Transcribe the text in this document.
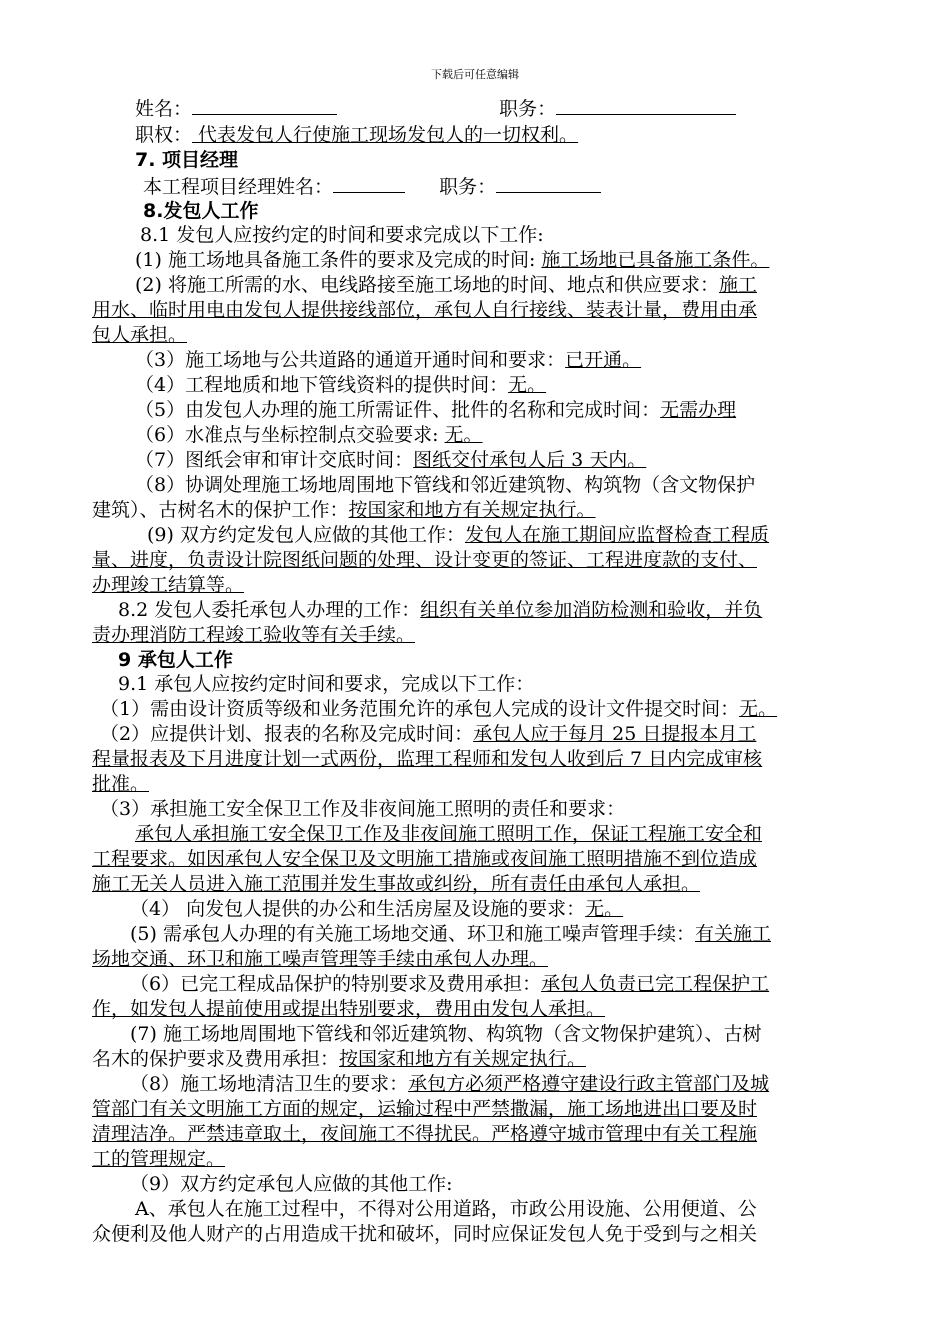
下载后可任意编辑
姓名：	职务：
职权： 代表发包人行使施工现场发包人的一切权利。
7. 项目经理
本工程项目经理姓名：	职务：
8.发包人工作
8.1 发包人应按约定的时间和要求完成以下工作:
(1) 施工场地具备施工条件的要求及完成的时间: 施工场地已具备施工条件。
(2) 将施工所需的水、电线路接至施工场地的时间、地点和供应要求：施工
用水、临时用电由发包人提供接线部位，承包人自行接线、装表计量，费用由承
包人承担。
（3）施工场地与公共道路的通道开通时间和要求：已开通。
（4）工程地质和地下管线资料的提供时间：无。
（5）由发包人办理的施工所需证件、批件的名称和完成时间：无需办理
（6）水准点与坐标控制点交验要求: 无。
（7）图纸会审和审计交底时间：图纸交付承包人后 3 天内。
（8）协调处理施工场地周围地下管线和邻近建筑物、构筑物（含文物保护
建筑）、古树名木的保护工作：按国家和地方有关规定执行。
(9) 双方约定发包人应做的其他工作：发包人在施工期间应监督检查工程质
量、进度，负责设计院图纸问题的处理、设计变更的签证、工程进度款的支付、
办理竣工结算等。
8.2 发包人委托承包人办理的工作：组织有关单位参加消防检测和验收，并负
责办理消防工程竣工验收等有关手续。
9 承包人工作
9.1 承包人应按约定时间和要求，完成以下工作：
（1）需由设计资质等级和业务范围允许的承包人完成的设计文件提交时间：无。
（2）应提供计划、报表的名称及完成时间：承包人应于每月 25 日提报本月工
程量报表及下月进度计划一式两份，监理工程师和发包人收到后 7 日内完成审核
批准。
（3）承担施工安全保卫工作及非夜间施工照明的责任和要求：
承包人承担施工安全保卫工作及非夜间施工照明工作，保证工程施工安全和
工程要求。如因承包人安全保卫及文明施工措施或夜间施工照明措施不到位造成
施工无关人员进入施工范围并发生事故或纠纷，所有责任由承包人承担。
（4） 向发包人提供的办公和生活房屋及设施的要求：无。
(5) 需承包人办理的有关施工场地交通、环卫和施工噪声管理手续：有关施工
场地交通、环卫和施工噪声管理等手续由承包人办理。
（6）已完工程成品保护的特别要求及费用承担：承包人负责已完工程保护工
作，如发包人提前使用或提出特别要求，费用由发包人承担。
(7) 施工场地周围地下管线和邻近建筑物、构筑物（含文物保护建筑）、古树
名木的保护要求及费用承担：按国家和地方有关规定执行。
（8）施工场地清洁卫生的要求：承包方必须严格遵守建设行政主管部门及城
管部门有关文明施工方面的规定，运输过程中严禁撒漏，施工场地进出口要及时
清理洁净。严禁违章取土，夜间施工不得扰民。严格遵守城市管理中有关工程施
工的管理规定。
（9）双方约定承包人应做的其他工作:
A、承包人在施工过程中，不得对公用道路，市政公用设施、公用便道、公
众便利及他人财产的占用造成干扰和破坏，同时应保证发包人免于受到与之相关
